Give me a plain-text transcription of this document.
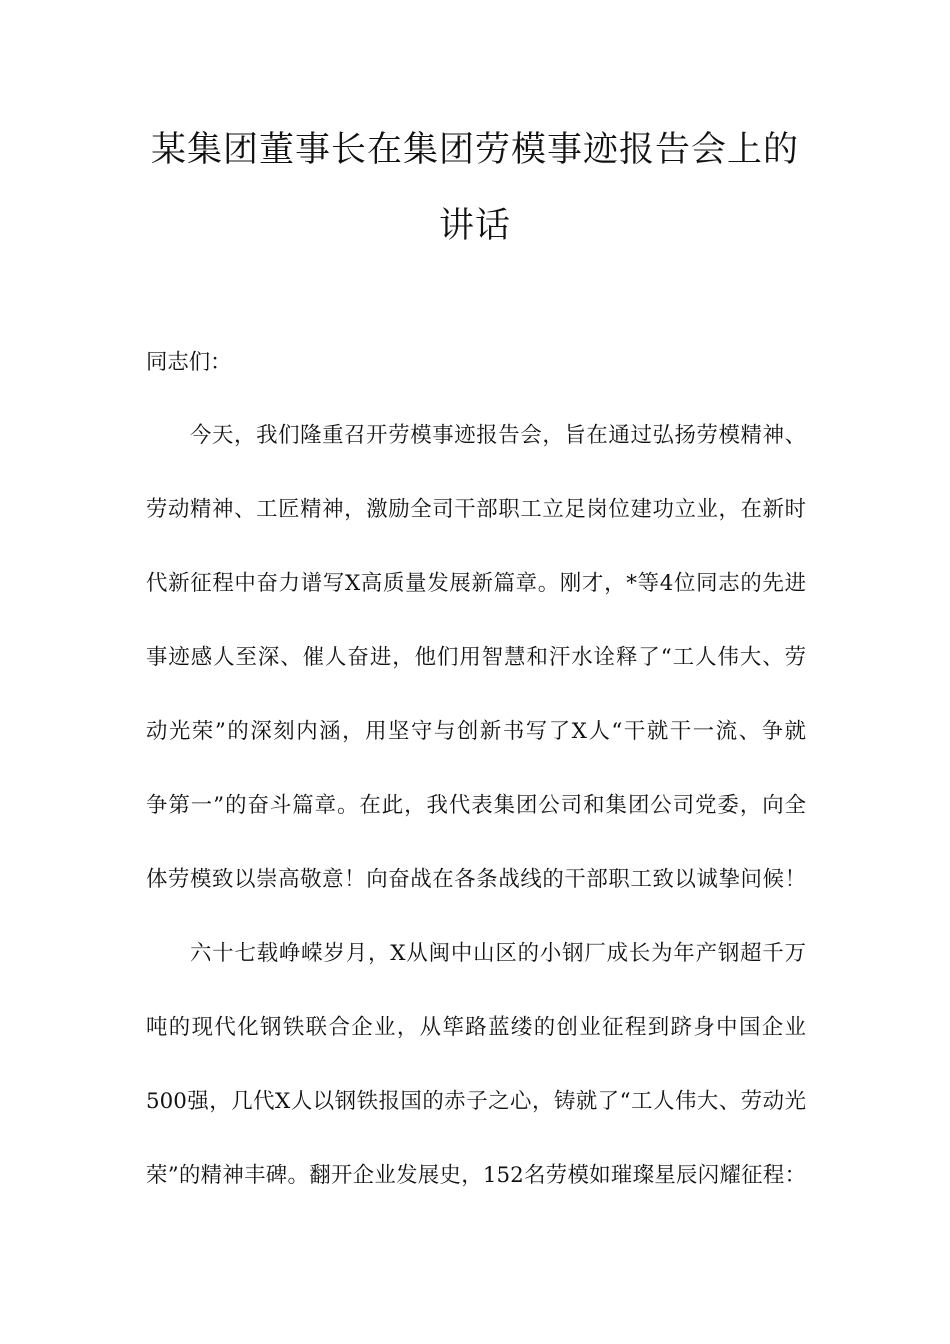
某集团董事长在集团劳模事迹报告会上的
讲话
同志们：
今天，我们隆重召开劳模事迹报告会，旨在通过弘扬劳模精神、
劳动精神、工匠精神，激励全司干部职工立足岗位建功立业，在新时
代新征程中奋力谱写X高质量发展新篇章。刚才，*等4位同志的先进
事迹感人至深、催人奋进，他们用智慧和汗水诠释了“工人伟大、劳
动光荣”的深刻内涵，用坚守与创新书写了X人“干就干一流、争就
争第一”的奋斗篇章。在此，我代表集团公司和集团公司党委，向全
体劳模致以崇高敬意！向奋战在各条战线的干部职工致以诚挚问候！
六十七载峥嵘岁月，X从闽中山区的小钢厂成长为年产钢超千万
吨的现代化钢铁联合企业，从筚路蓝缕的创业征程到跻身中国企业
500强，几代X人以钢铁报国的赤子之心，铸就了“工人伟大、劳动光
荣”的精神丰碑。翻开企业发展史，152名劳模如璀璨星辰闪耀征程：
